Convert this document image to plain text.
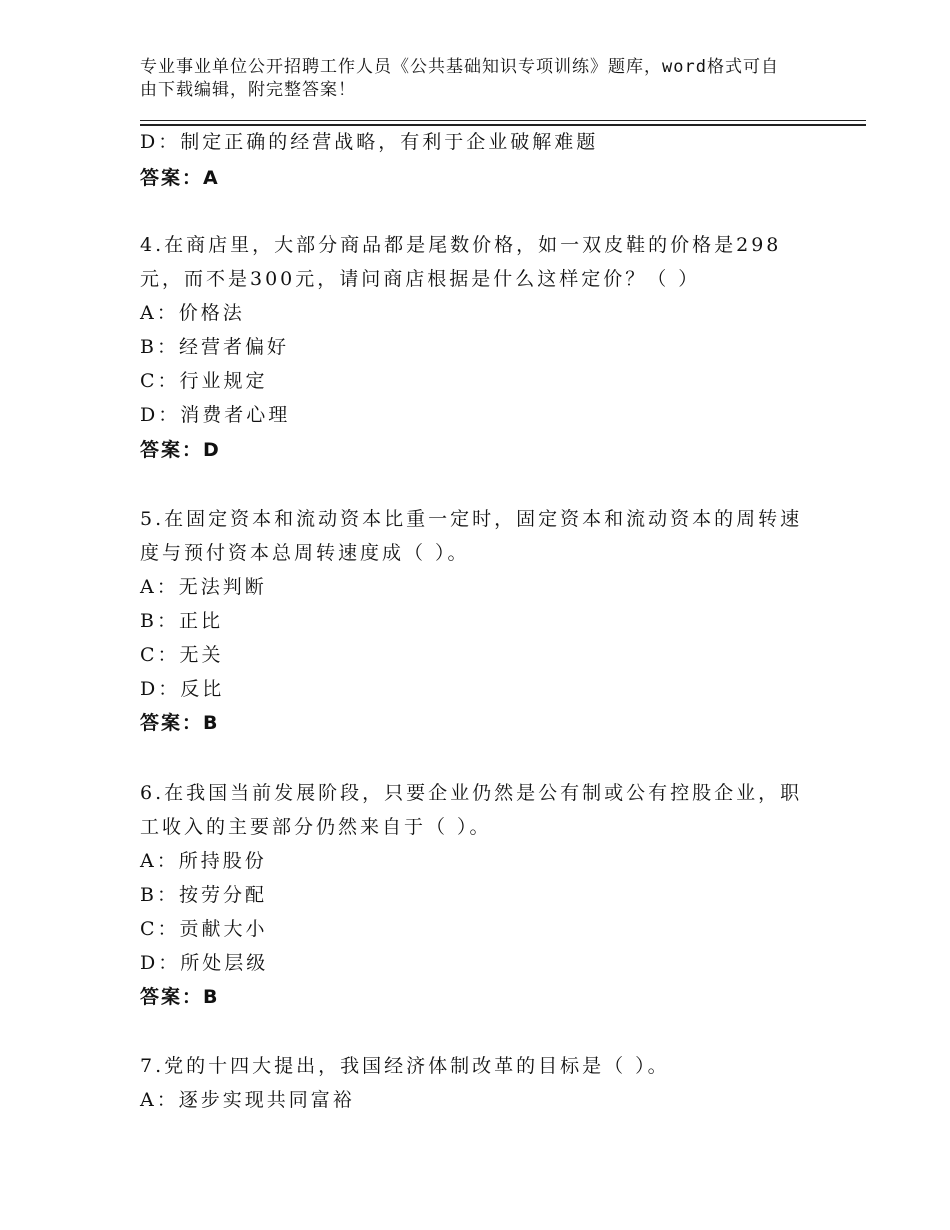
专业事业单位公开招聘工作人员《公共基础知识专项训练》题库，word格式可自
由下载编辑，附完整答案！
D：制定正确的经营战略，有利于企业破解难题
答案：A
4.在商店里，大部分商品都是尾数价格，如一双皮鞋的价格是298
元，而不是300元，请问商店根据是什么这样定价？（ ）
A：价格法
B：经营者偏好
C：行业规定
D：消费者心理
答案：D
5.在固定资本和流动资本比重一定时，固定资本和流动资本的周转速
度与预付资本总周转速度成（ ）。
A：无法判断
B：正比
C：无关
D：反比
答案：B
6.在我国当前发展阶段，只要企业仍然是公有制或公有控股企业，职
工收入的主要部分仍然来自于（ ）。
A：所持股份
B：按劳分配
C：贡献大小
D：所处层级
答案：B
7.党的十四大提出，我国经济体制改革的目标是（ ）。
A：逐步实现共同富裕
